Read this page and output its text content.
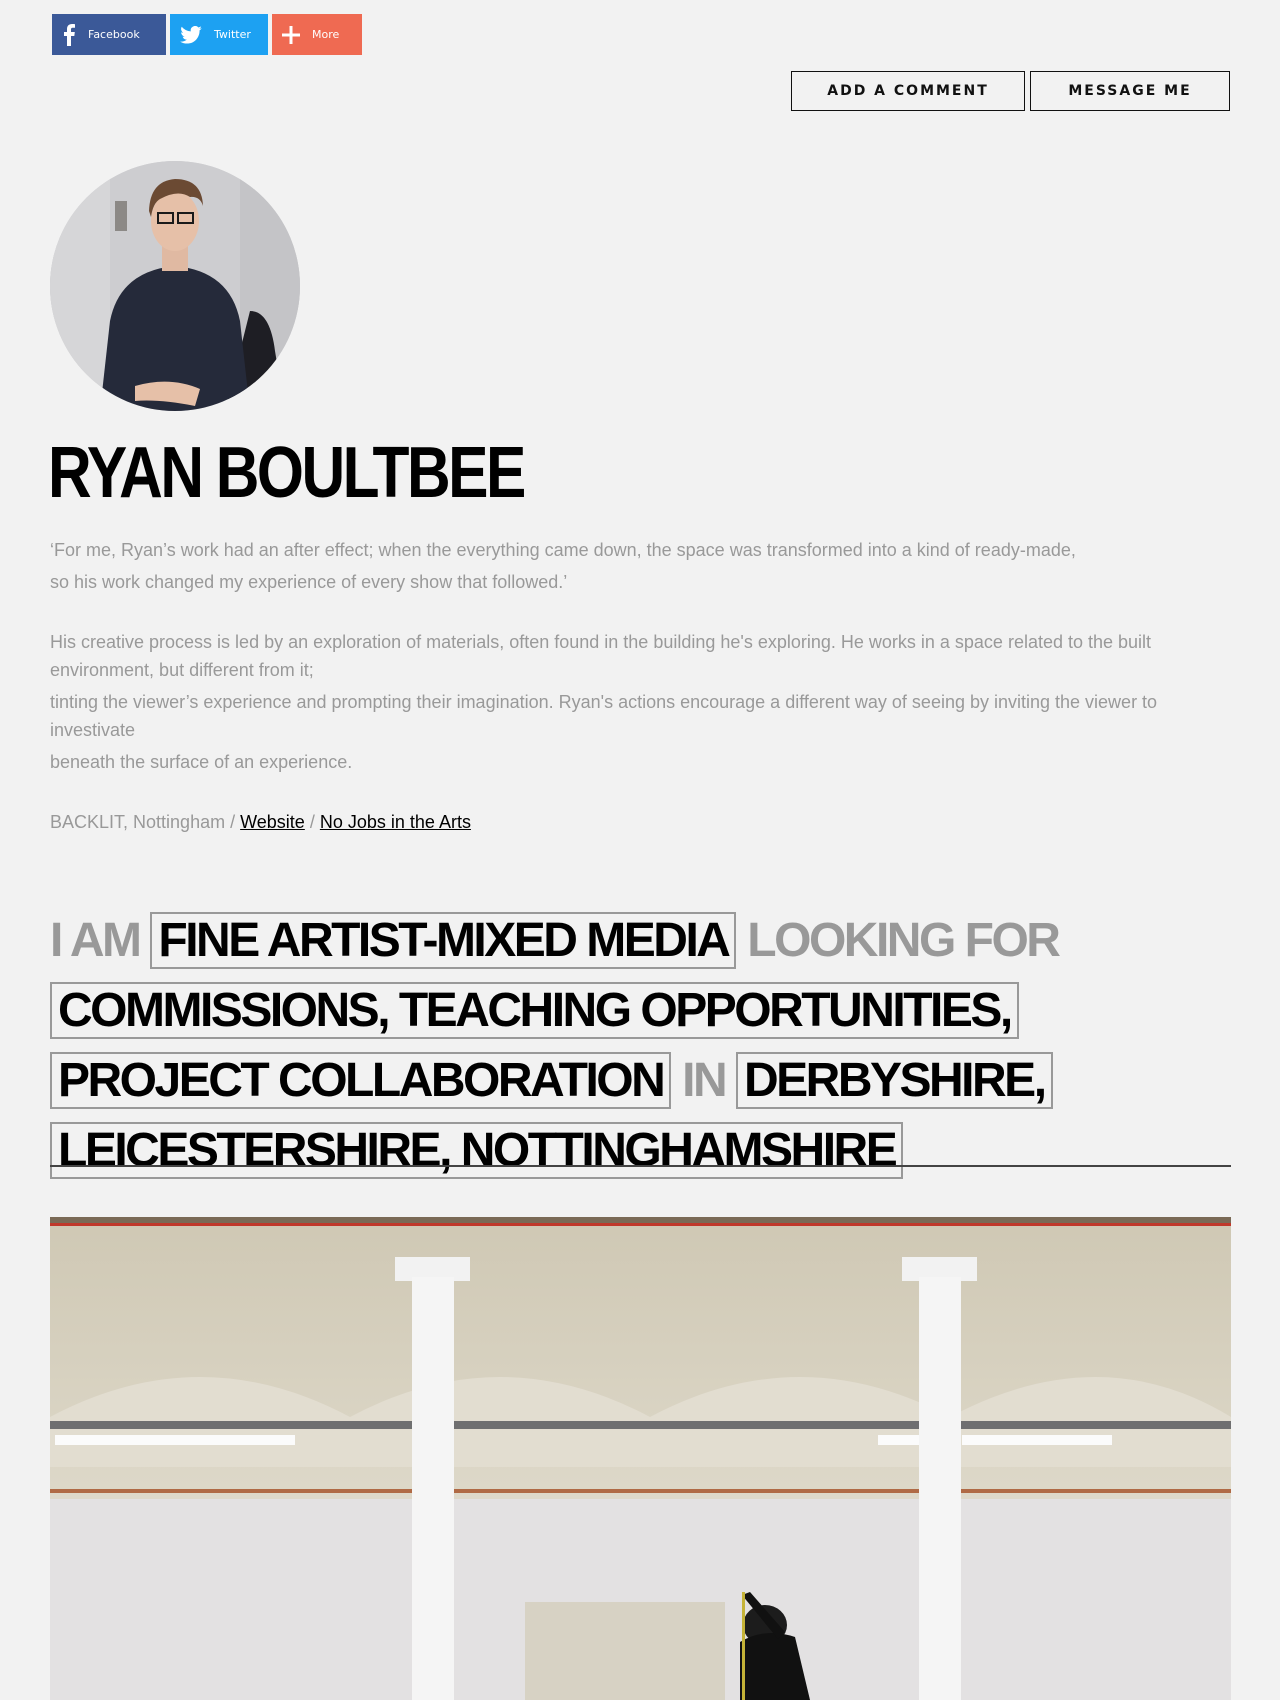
Facebook	Twitter	More
ADD A COMMENT	MESSAGE ME
RYAN BOULTBEE

‘For me, Ryan’s work had an after effect; when the everything came down, the space was transformed into a kind of ready-made,

so his work changed my experience of every show that followed.’

His creative process is led by an exploration of materials, often found in the building he's exploring. He works in a space related to the built environment, but different from it;

tinting the viewer’s experience and prompting their imagination. Ryan's actions encourage a different way of seeing by inviting the viewer to investivate

beneath the surface of an experience.

BACKLIT, Nottingham / Website / No Jobs in the Arts

I AM FINE ARTIST-MIXED MEDIA LOOKING FOR COMMISSIONS, TEACHING OPPORTUNITIES, PROJECT COLLABORATION IN DERBYSHIRE, LEICESTERSHIRE, NOTTINGHAMSHIRE
